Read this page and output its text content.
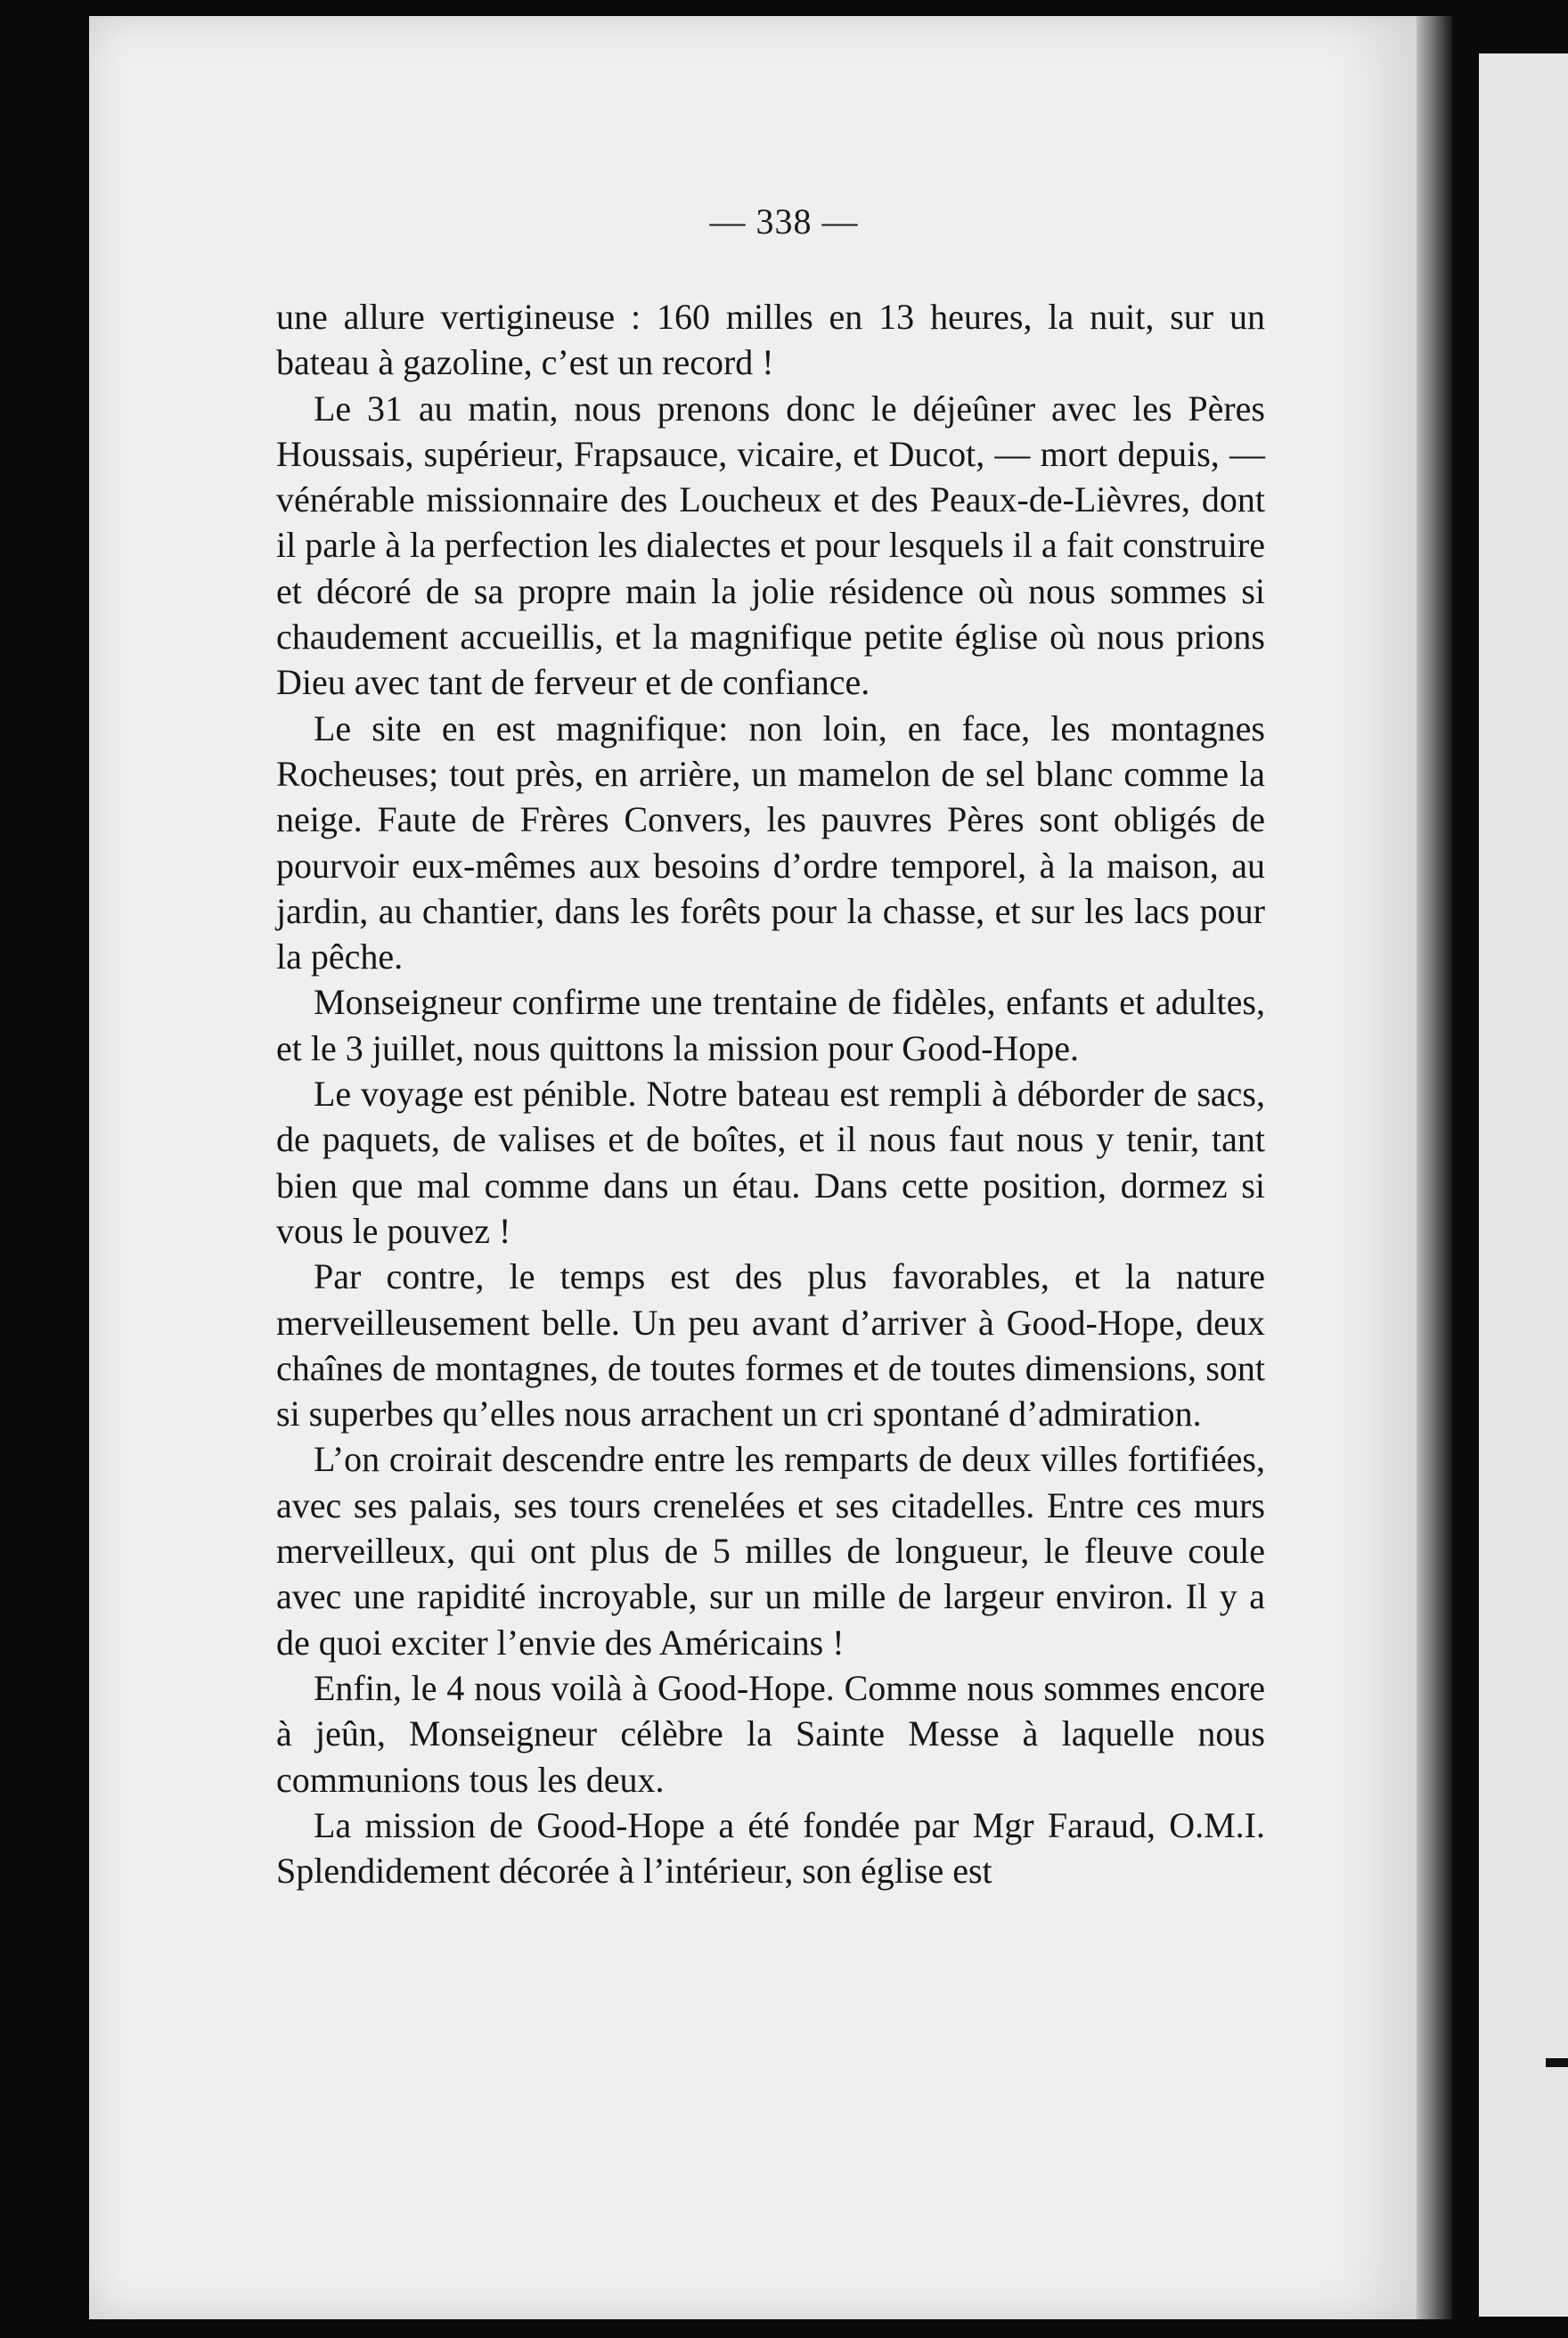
— 338 —

une allure vertigineuse : 160 milles en 13 heures, la nuit, sur un bateau à gazoline, c’est un record !

Le 31 au matin, nous prenons donc le déjeûner avec les Pères Houssais, supérieur, Frapsauce, vicaire, et Ducot, — mort depuis, — vénérable missionnaire des Loucheux et des Peaux-de-Lièvres, dont il parle à la perfection les dialectes et pour lesquels il a fait construire et décoré de sa propre main la jolie résidence où nous sommes si chaudement accueillis, et la magnifique petite église où nous prions Dieu avec tant de ferveur et de confiance.

Le site en est magnifique: non loin, en face, les montagnes Rocheuses; tout près, en arrière, un mamelon de sel blanc comme la neige. Faute de Frères Convers, les pauvres Pères sont obligés de pourvoir eux-mêmes aux besoins d’ordre temporel, à la maison, au jardin, au chantier, dans les forêts pour la chasse, et sur les lacs pour la pêche.

Monseigneur confirme une trentaine de fidèles, enfants et adultes, et le 3 juillet, nous quittons la mission pour Good-Hope.

Le voyage est pénible. Notre bateau est rempli à déborder de sacs, de paquets, de valises et de boîtes, et il nous faut nous y tenir, tant bien que mal comme dans un étau. Dans cette position, dormez si vous le pouvez !

Par contre, le temps est des plus favorables, et la nature merveilleusement belle. Un peu avant d’arriver à Good-Hope, deux chaînes de montagnes, de toutes formes et de toutes dimensions, sont si superbes qu’elles nous arrachent un cri spontané d’admiration.

L’on croirait descendre entre les remparts de deux villes fortifiées, avec ses palais, ses tours crenelées et ses citadelles. Entre ces murs merveilleux, qui ont plus de 5 milles de longueur, le fleuve coule avec une rapidité incroyable, sur un mille de largeur environ. Il y a de quoi exciter l’envie des Américains !

Enfin, le 4 nous voilà à Good-Hope. Comme nous sommes encore à jeûn, Monseigneur célèbre la Sainte Messe à laquelle nous communions tous les deux.

La mission de Good-Hope a été fondée par Mgr Faraud, O.M.I. Splendidement décorée à l’intérieur, son église est
